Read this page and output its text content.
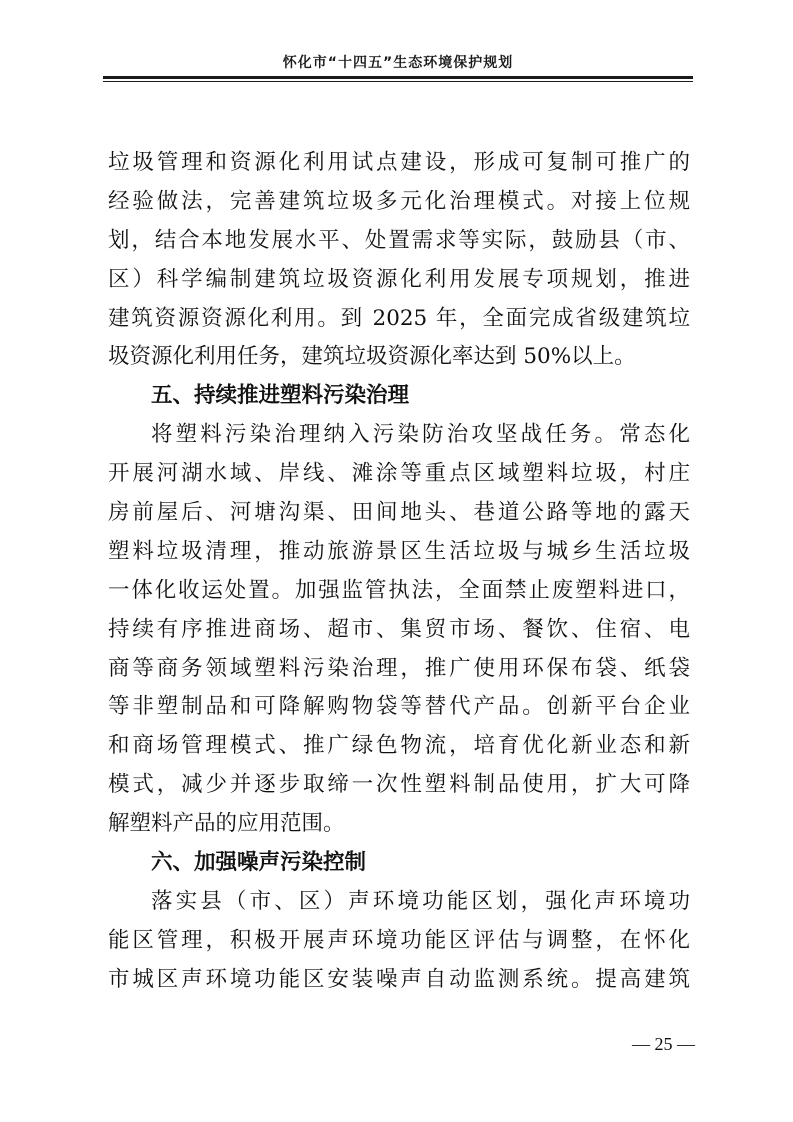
怀化市“十四五”生态环境保护规划
垃圾管理和资源化利用试点建设，形成可复制可推广的
经验做法，完善建筑垃圾多元化治理模式。对接上位规
划，结合本地发展水平、处置需求等实际，鼓励县（市、
区）科学编制建筑垃圾资源化利用发展专项规划，推进
建筑资源资源化利用。到 2025 年，全面完成省级建筑垃
圾资源化利用任务，建筑垃圾资源化率达到 50%以上。
五、持续推进塑料污染治理
将塑料污染治理纳入污染防治攻坚战任务。常态化
开展河湖水域、岸线、滩涂等重点区域塑料垃圾，村庄
房前屋后、河塘沟渠、田间地头、巷道公路等地的露天
塑料垃圾清理，推动旅游景区生活垃圾与城乡生活垃圾
一体化收运处置。加强监管执法，全面禁止废塑料进口，
持续有序推进商场、超市、集贸市场、餐饮、住宿、电
商等商务领域塑料污染治理，推广使用环保布袋、纸袋
等非塑制品和可降解购物袋等替代产品。创新平台企业
和商场管理模式、推广绿色物流，培育优化新业态和新
模式，减少并逐步取缔一次性塑料制品使用，扩大可降
解塑料产品的应用范围。
六、加强噪声污染控制
落实县（市、区）声环境功能区划，强化声环境功
能区管理，积极开展声环境功能区评估与调整，在怀化
市城区声环境功能区安装噪声自动监测系统。提高建筑
— 25 —
